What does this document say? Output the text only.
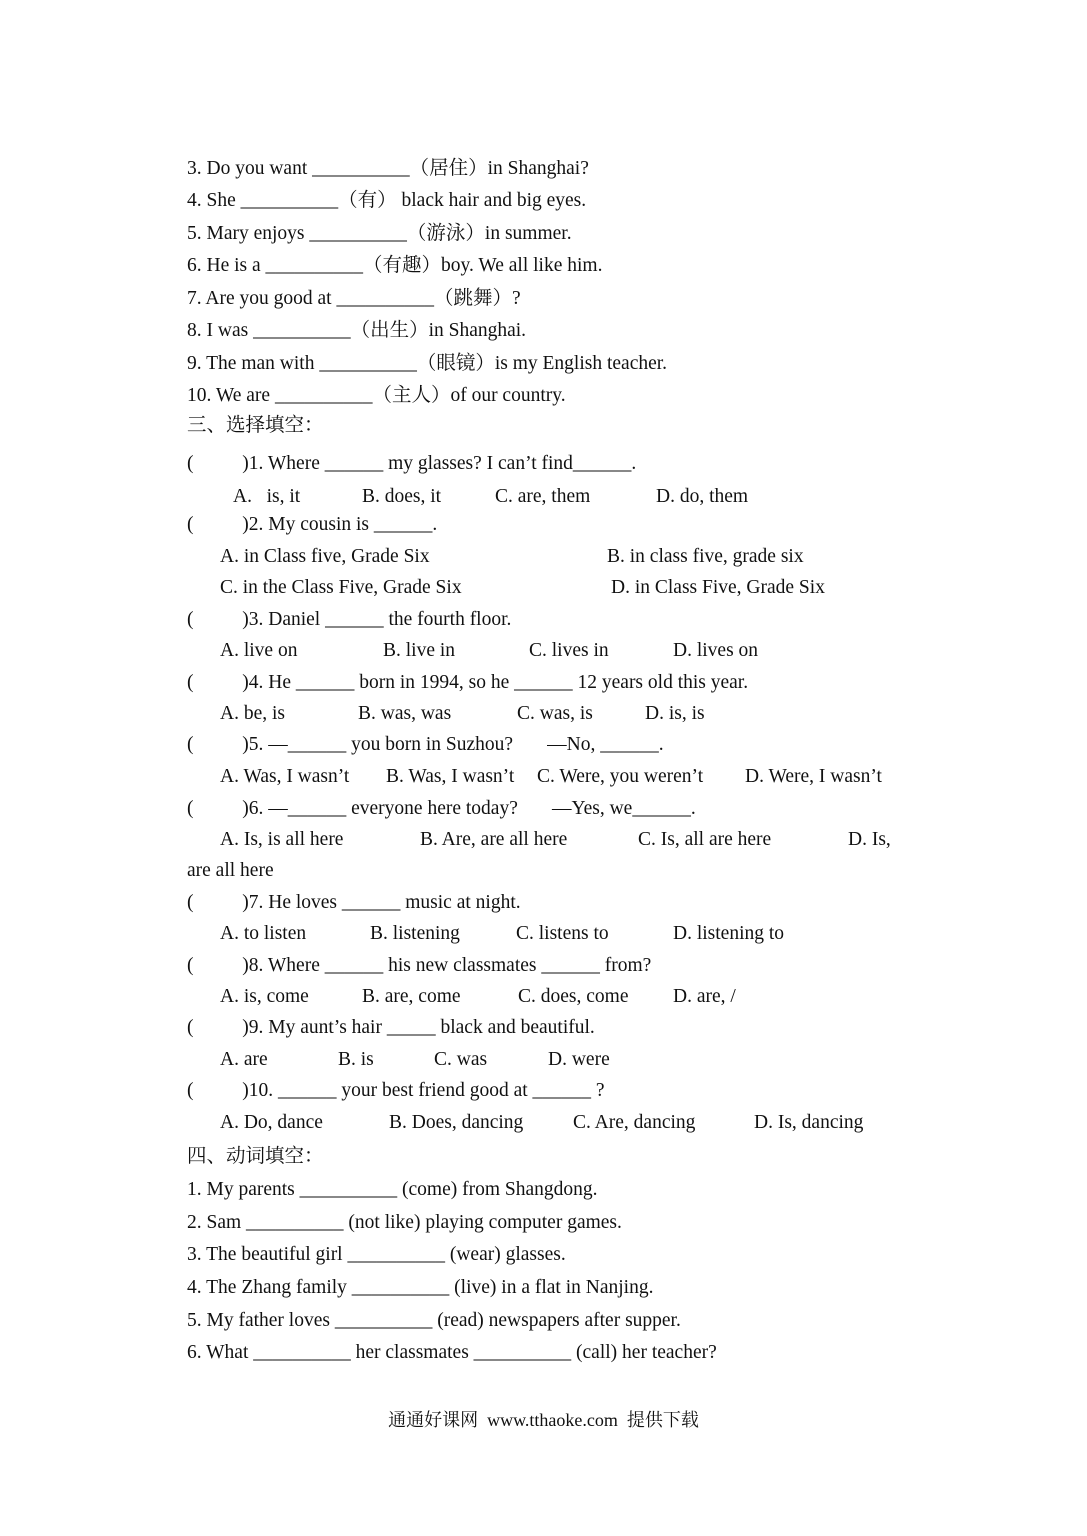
3. Do you want __________（居住）in Shanghai?
4. She __________（有） black hair and big eyes.
5. Mary enjoys __________（游泳）in summer.
6. He is a __________（有趣）boy. We all like him.
7. Are you good at __________（跳舞）?
8. I was __________（出生）in Shanghai.
9. The man with __________（眼镜）is my English teacher.
10. We are __________（主人）of our country.
三、选择填空：
(          )1. Where ______ my glasses? I can’t find______.
A.   is, it	B. does, it	C. are, them	D. do, them
(          )2. My cousin is ______.
A. in Class five, Grade Six	B. in class five, grade six
C. in the Class Five, Grade Six	D. in Class Five, Grade Six
(          )3. Daniel ______ the fourth floor.
A. live on	B. live in	C. lives in	D. lives on
(          )4. He ______ born in 1994, so he ______ 12 years old this year.
A. be, is	B. was, was	C. was, is	D. is, is
(          )5. —______ you born in Suzhou?       —No, ______.
A. Was, I wasn’t B. Was, I wasn’t C. Were, you weren’t D. Were, I wasn’t
(          )6. —______ everyone here today?       —Yes, we______.
A. Is, is all here	B. Are, are all here	C. Is, all are here	D. Is,
are all here
(          )7. He loves ______ music at night.
A. to listen	B. listening	C. listens to	D. listening to
(          )8. Where ______ his new classmates ______ from?
A. is, come	B. are, come	C. does, come D. are, /
(          )9. My aunt’s hair _____ black and beautiful.
A. are	B. is	C. was	D. were
(          )10. ______ your best friend good at ______ ?
A. Do, dance	B. Does, dancing	C. Are, dancing	D. Is, dancing
四、动词填空：
1. My parents __________ (come) from Shangdong.
2. Sam __________ (not like) playing computer games.
3. The beautiful girl __________ (wear) glasses.
4. The Zhang family __________ (live) in a flat in Nanjing.
5. My father loves __________ (read) newspapers after supper.
6. What __________ her classmates __________ (call) her teacher?
通通好课网  www.tthaoke.com  提供下载
